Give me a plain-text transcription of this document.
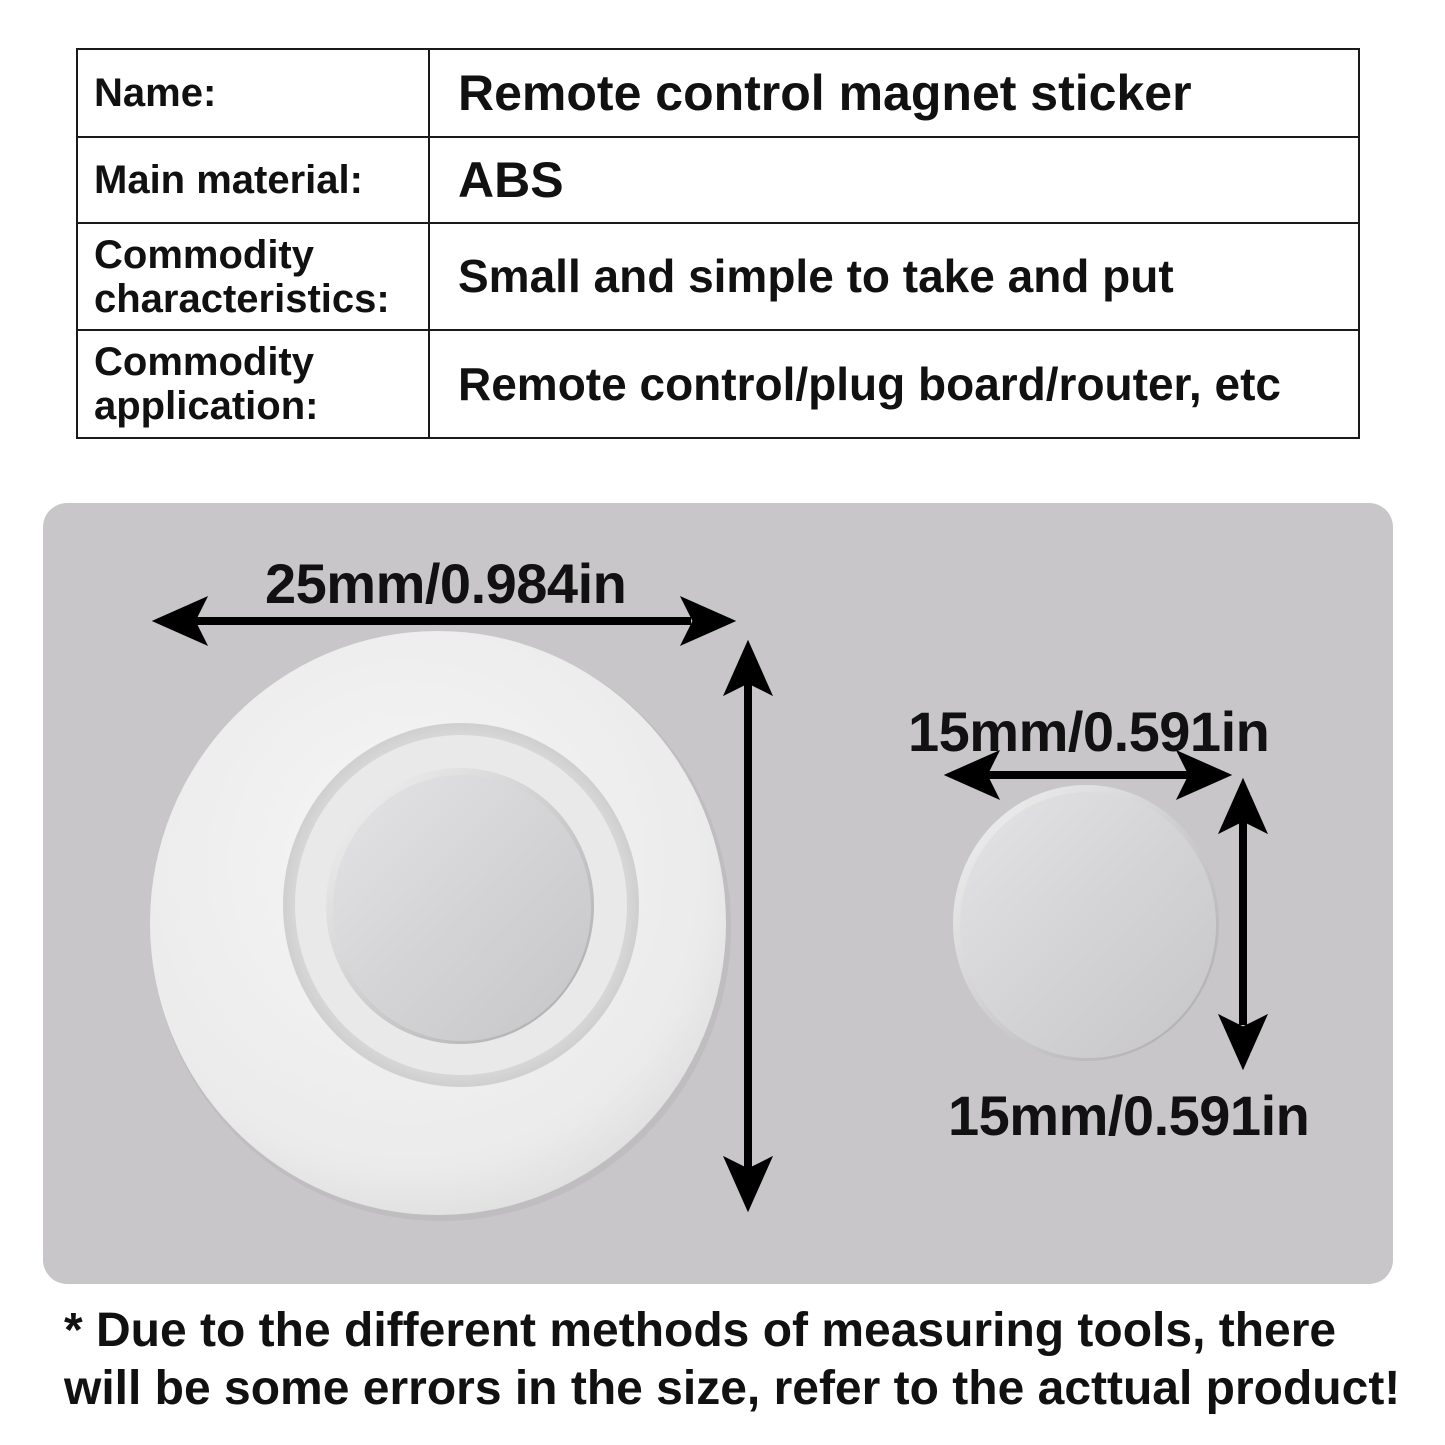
Name:	Remote control magnet sticker
Main material:	ABS
Commodity characteristics:	Small and simple to take and put
Commodity application:	Remote control/plug board/router, etc
25mm/0.984in
15mm/0.591in
15mm/0.591in
* Due to the different methods of measuring tools, there will be some errors in the size, refer to the acttual product!
